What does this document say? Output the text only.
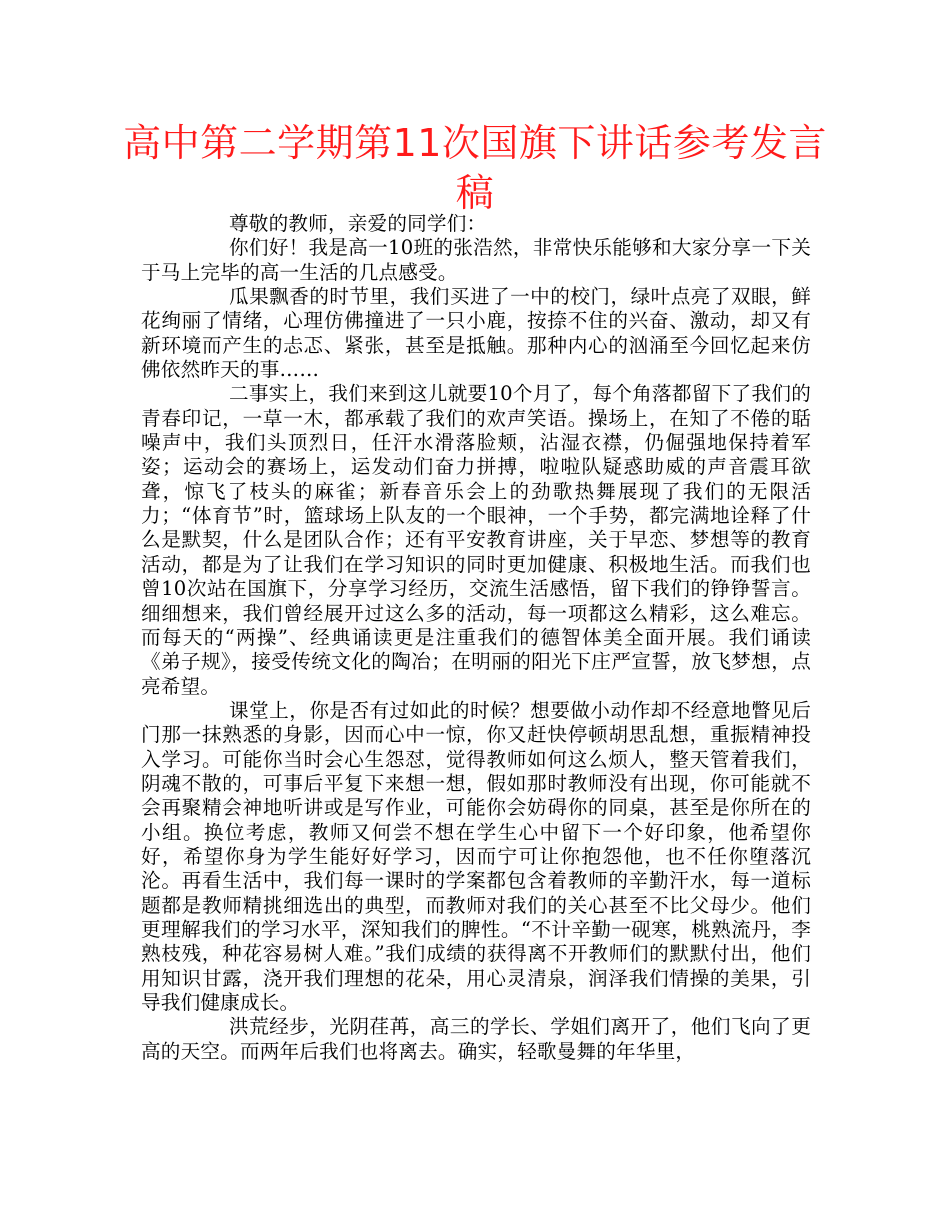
高中第二学期第11次国旗下讲话参考发言稿

尊敬的教师，亲爱的同学们：

你们好！我是高一10班的张浩然，非常快乐能够和大家分享一下关于马上完毕的高一生活的几点感受。

瓜果飘香的时节里，我们买进了一中的校门，绿叶点亮了双眼，鲜花绚丽了情绪，心理仿佛撞进了一只小鹿，按捺不住的兴奋、激动，却又有新环境而产生的忐忑、紧张，甚至是抵触。那种内心的汹涌至今回忆起来仿佛依然昨天的事……

二事实上，我们来到这儿就要10个月了，每个角落都留下了我们的青春印记，一草一木，都承载了我们的欢声笑语。操场上，在知了不倦的聒噪声中，我们头顶烈日，任汗水滑落脸颊，沾湿衣襟，仍倔强地保持着军姿；运动会的赛场上，运发动们奋力拼搏，啦啦队疑惑助威的声音震耳欲聋，惊飞了枝头的麻雀；新春音乐会上的劲歌热舞展现了我们的无限活力；“体育节”时，篮球场上队友的一个眼神，一个手势，都完满地诠释了什么是默契，什么是团队合作；还有平安教育讲座，关于早恋、梦想等的教育活动，都是为了让我们在学习知识的同时更加健康、积极地生活。而我们也曾10次站在国旗下，分享学习经历，交流生活感悟，留下我们的铮铮誓言。细细想来，我们曾经展开过这么多的活动，每一项都这么精彩，这么难忘。而每天的“两操”、经典诵读更是注重我们的德智体美全面开展。我们诵读《弟子规》，接受传统文化的陶冶；在明丽的阳光下庄严宣誓，放飞梦想，点亮希望。

课堂上，你是否有过如此的时候？想要做小动作却不经意地瞥见后门那一抹熟悉的身影，因而心中一惊，你又赶快停顿胡思乱想，重振精神投入学习。可能你当时会心生怨怼，觉得教师如何这么烦人，整天管着我们，阴魂不散的，可事后平复下来想一想，假如那时教师没有出现，你可能就不会再聚精会神地听讲或是写作业，可能你会妨碍你的同桌，甚至是你所在的小组。换位考虑，教师又何尝不想在学生心中留下一个好印象，他希望你好，希望你身为学生能好好学习，因而宁可让你抱怨他，也不任你堕落沉沦。再看生活中，我们每一课时的学案都包含着教师的辛勤汗水，每一道标题都是教师精挑细选出的典型，而教师对我们的关心甚至不比父母少。他们更理解我们的学习水平，深知我们的脾性。“不计辛勤一砚寒，桃熟流丹，李熟枝残，种花容易树人难。”我们成绩的获得离不开教师们的默默付出，他们用知识甘露，浇开我们理想的花朵，用心灵清泉，润泽我们情操的美果，引导我们健康成长。

洪荒经步，光阴荏苒，高三的学长、学姐们离开了，他们飞向了更高的天空。而两年后我们也将离去。确实，轻歌曼舞的年华里，
